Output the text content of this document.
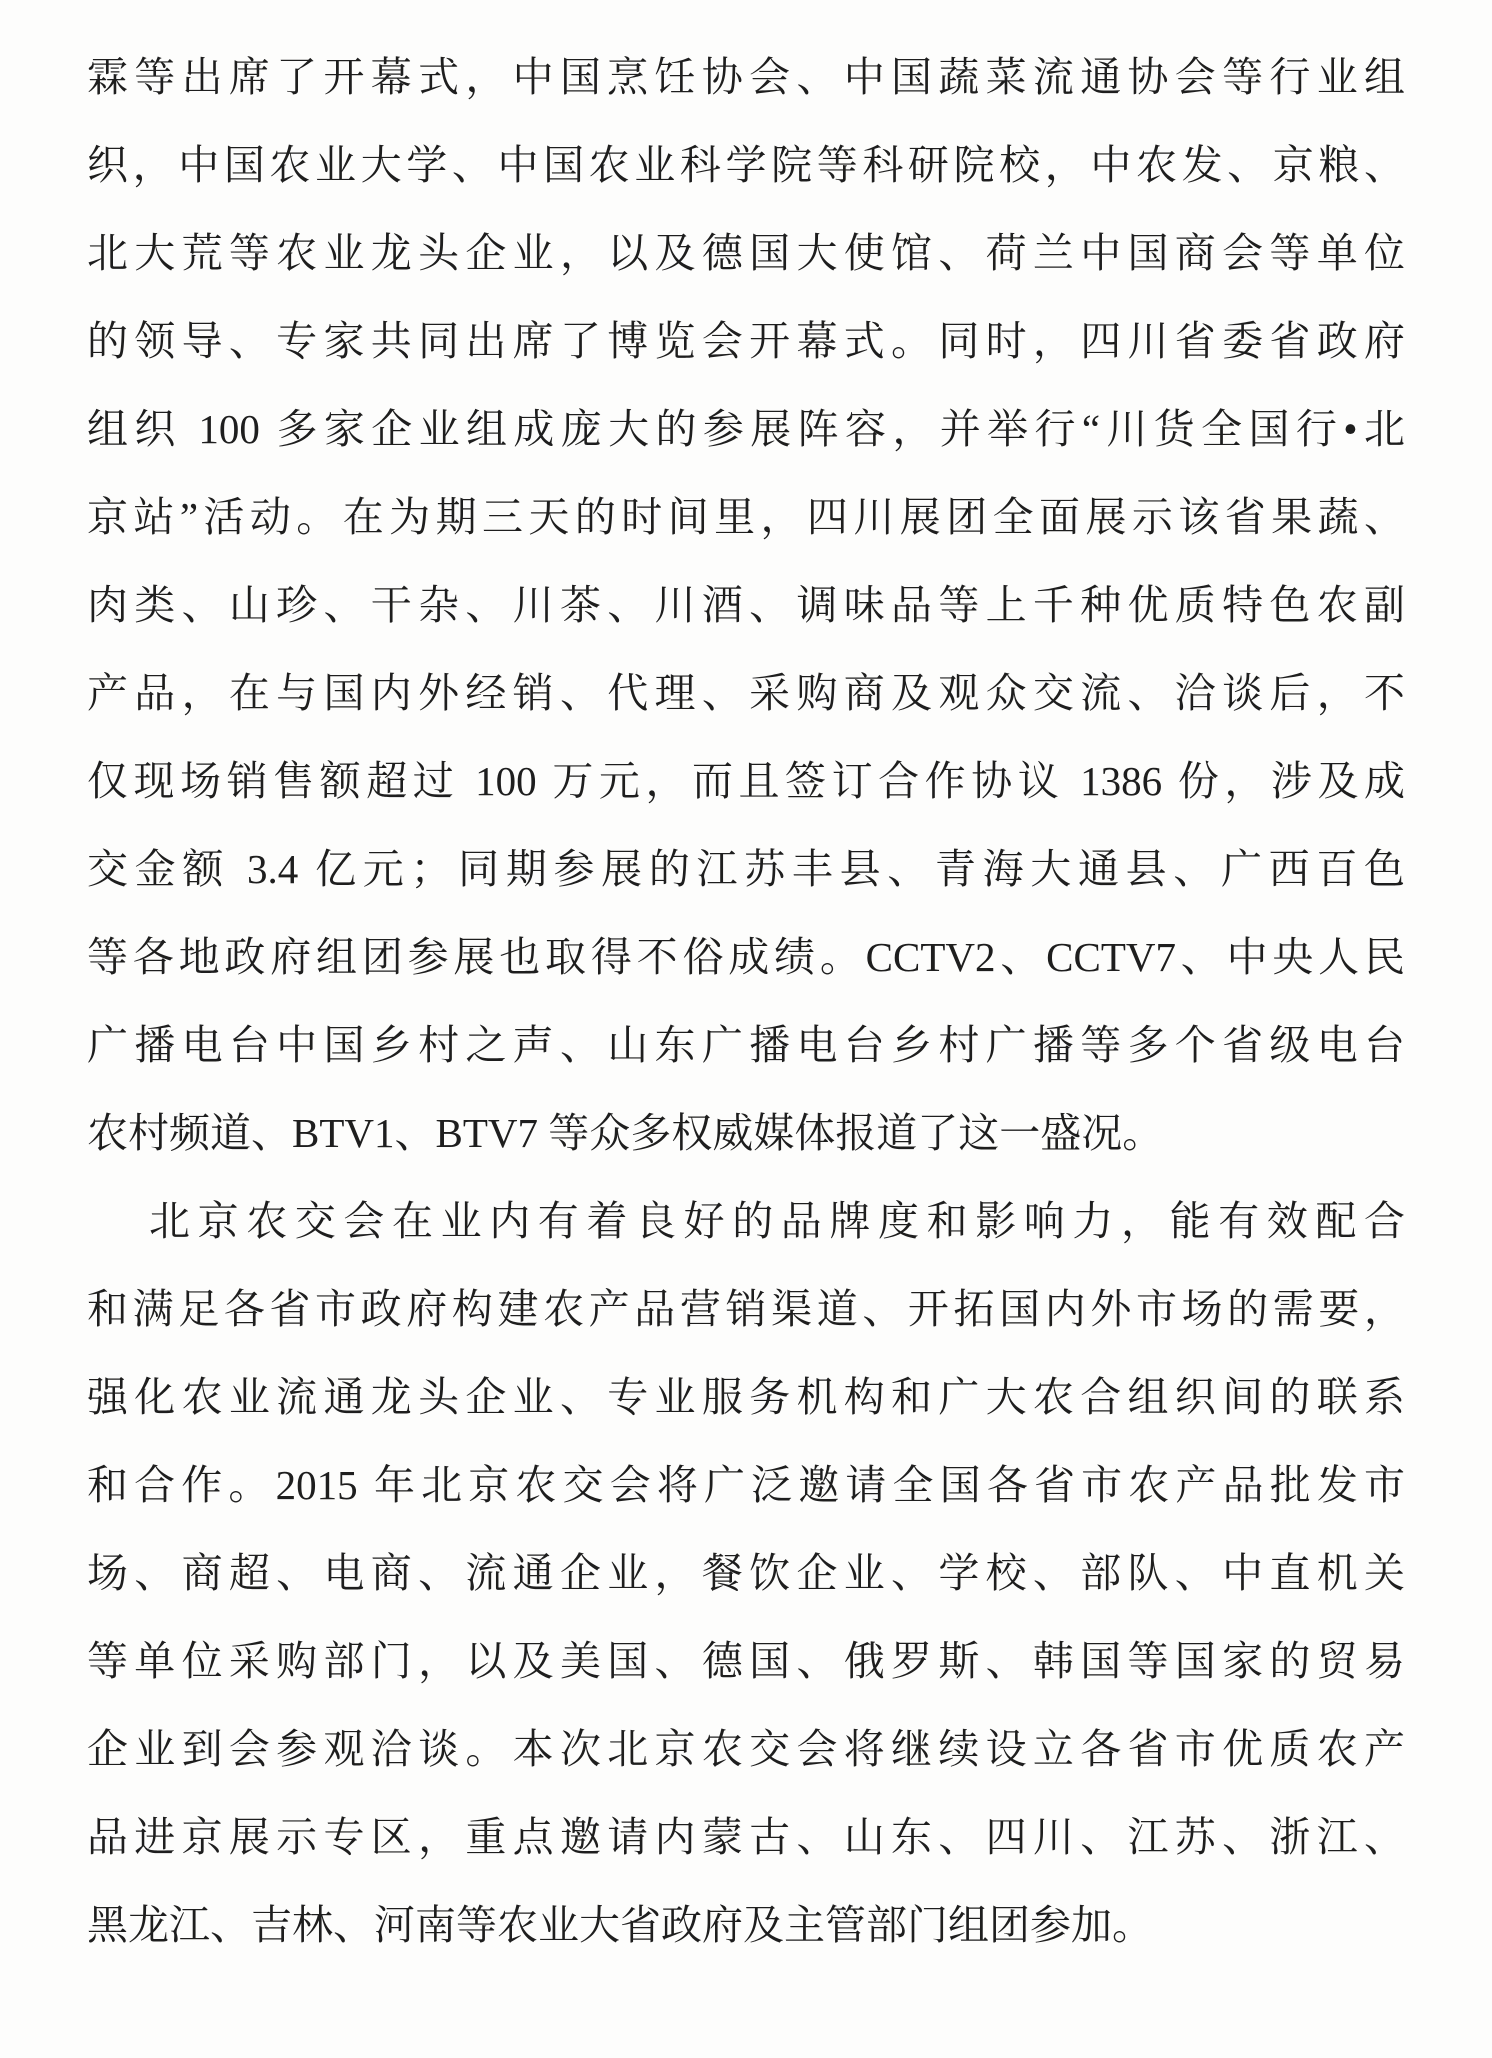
霖等出席了开幕式，中国烹饪协会、中国蔬菜流通协会等行业组
织，中国农业大学、中国农业科学院等科研院校，中农发、京粮、
北大荒等农业龙头企业，以及德国大使馆、荷兰中国商会等单位
的领导、专家共同出席了博览会开幕式。同时，四川省委省政府
组织 100 多家企业组成庞大的参展阵容，并举行“川货全国行•北
京站”活动。在为期三天的时间里，四川展团全面展示该省果蔬、
肉类、山珍、干杂、川茶、川酒、调味品等上千种优质特色农副
产品，在与国内外经销、代理、采购商及观众交流、洽谈后，不
仅现场销售额超过 100 万元，而且签订合作协议 1386 份，涉及成
交金额 3.4 亿元；同期参展的江苏丰县、青海大通县、广西百色
等各地政府组团参展也取得不俗成绩。CCTV2、CCTV7、中央人民
广播电台中国乡村之声、山东广播电台乡村广播等多个省级电台
农村频道、BTV1、BTV7 等众多权威媒体报道了这一盛况。
北京农交会在业内有着良好的品牌度和影响力，能有效配合
和满足各省市政府构建农产品营销渠道、开拓国内外市场的需要，
强化农业流通龙头企业、专业服务机构和广大农合组织间的联系
和合作。2015 年北京农交会将广泛邀请全国各省市农产品批发市
场、商超、电商、流通企业，餐饮企业、学校、部队、中直机关
等单位采购部门，以及美国、德国、俄罗斯、韩国等国家的贸易
企业到会参观洽谈。本次北京农交会将继续设立各省市优质农产
品进京展示专区，重点邀请内蒙古、山东、四川、江苏、浙江、
黑龙江、吉林、河南等农业大省政府及主管部门组团参加。
